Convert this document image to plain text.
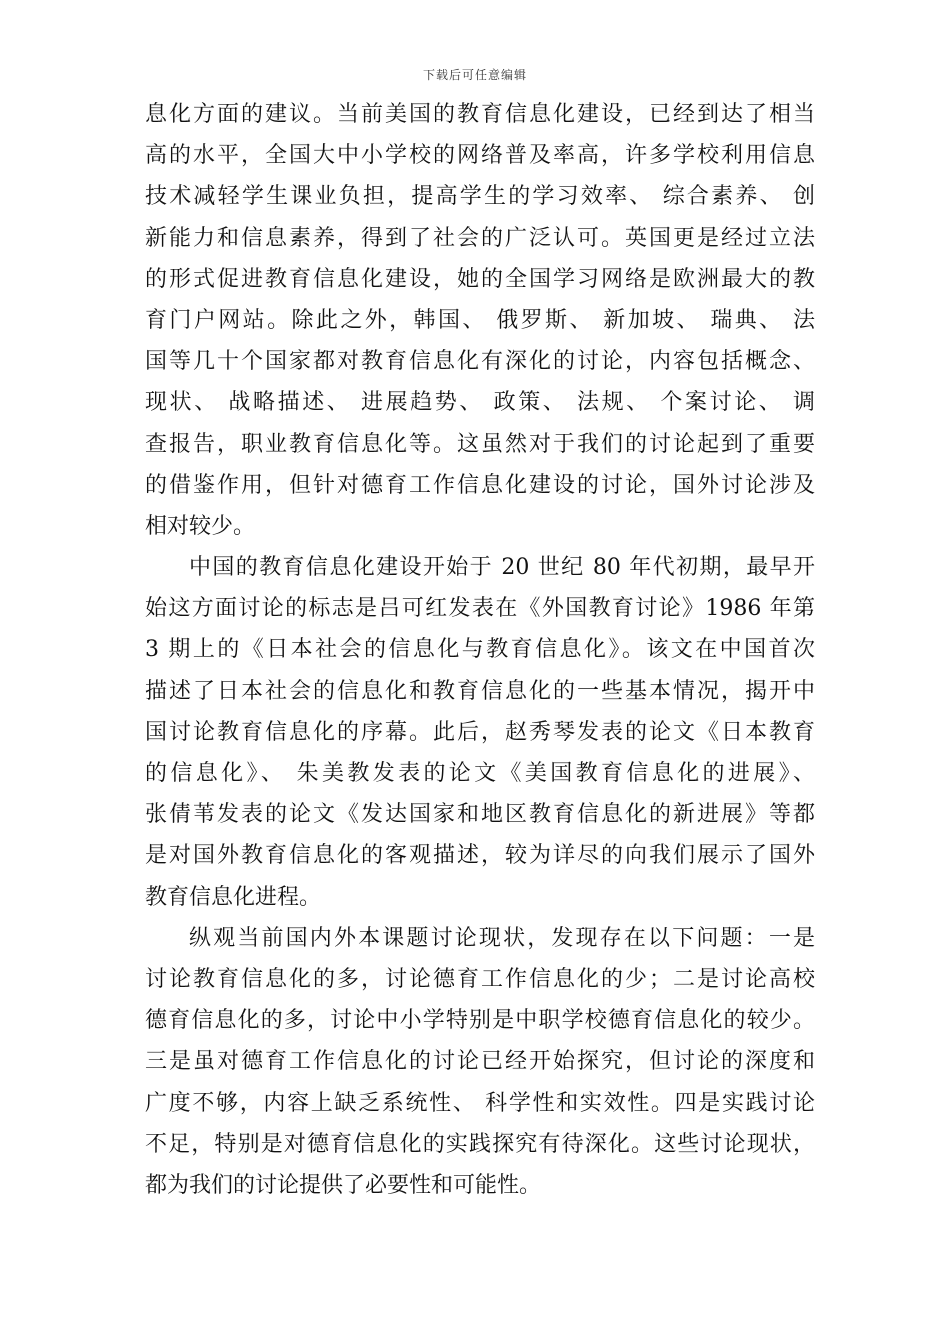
下载后可任意编辑
息化方面的建议。当前美国的教育信息化建设，已经到达了相当
高的水平，全国大中小学校的网络普及率高，许多学校利用信息
技术减轻学生课业负担，提高学生的学习效率、 综合素养、 创
新能力和信息素养，得到了社会的广泛认可。英国更是经过立法
的形式促进教育信息化建设，她的全国学习网络是欧洲最大的教
育门户网站。除此之外，韩国、 俄罗斯、 新加坡、 瑞典、 法
国等几十个国家都对教育信息化有深化的讨论，内容包括概念、
现状、 战略描述、 进展趋势、 政策、 法规、 个案讨论、 调
查报告，职业教育信息化等。这虽然对于我们的讨论起到了重要
的借鉴作用，但针对德育工作信息化建设的讨论，国外讨论涉及
相对较少。
中国的教育信息化建设开始于 20 世纪 80 年代初期，最早开
始这方面讨论的标志是吕可红发表在《外国教育讨论》1986 年第
3 期上的《日本社会的信息化与教育信息化》。该文在中国首次
描述了日本社会的信息化和教育信息化的一些基本情况，揭开中
国讨论教育信息化的序幕。此后，赵秀琴发表的论文《日本教育
的信息化》、 朱美教发表的论文《美国教育信息化的进展》、
张倩苇发表的论文《发达国家和地区教育信息化的新进展》等都
是对国外教育信息化的客观描述，较为详尽的向我们展示了国外
教育信息化进程。
纵观当前国内外本课题讨论现状，发现存在以下问题：一是
讨论教育信息化的多，讨论德育工作信息化的少；二是讨论高校
德育信息化的多，讨论中小学特别是中职学校德育信息化的较少。
三是虽对德育工作信息化的讨论已经开始探究，但讨论的深度和
广度不够，内容上缺乏系统性、 科学性和实效性。四是实践讨论
不足，特别是对德育信息化的实践探究有待深化。这些讨论现状，
都为我们的讨论提供了必要性和可能性。
